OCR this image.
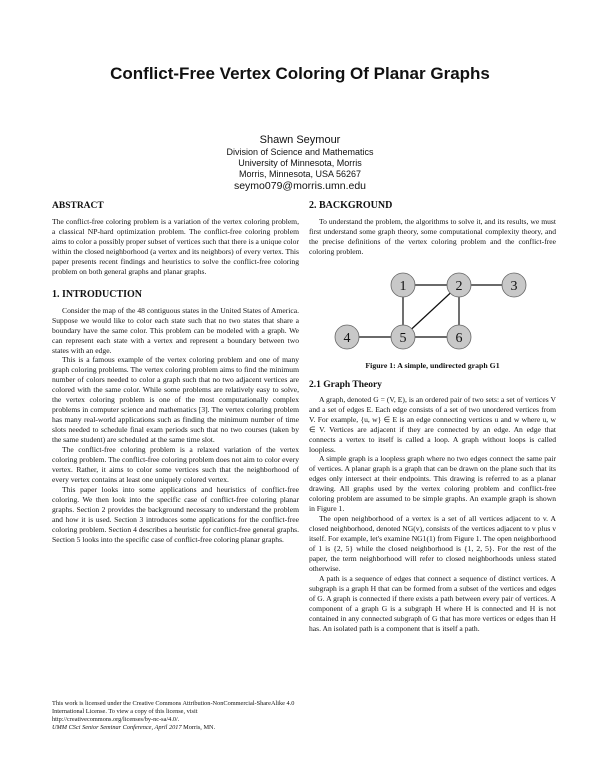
Conflict-Free Vertex Coloring Of Planar Graphs
Shawn Seymour
Division of Science and Mathematics
University of Minnesota, Morris
Morris, Minnesota, USA 56267
seymo079@morris.umn.edu
ABSTRACT

The conflict-free coloring problem is a variation of the vertex coloring problem, a classical NP-hard optimization problem. The conflict-free coloring problem aims to color a possibly proper subset of vertices such that there is a unique color within the closed neighborhood (a vertex and its neighbors) of every vertex. This paper presents recent findings and heuristics to solve the conflict-free coloring problem on both general graphs and planar graphs.

1. INTRODUCTION

Consider the map of the 48 contiguous states in the United States of America. Suppose we would like to color each state such that no two states that share a boundary have the same color. This problem can be modeled with a graph. We can represent each state with a vertex and represent a boundary between two states with an edge.

This is a famous example of the vertex coloring problem and one of many graph coloring problems. The vertex coloring problem aims to find the minimum number of colors needed to color a graph such that no two adjacent vertices are colored with the same color. While some problems are relatively easy to solve, the vertex coloring problem is one of the most computationally complex problems in computer science and mathematics [3]. The vertex coloring problem has many real-world applications such as finding the minimum number of time slots needed to schedule final exam periods such that no two courses (taken by the same student) are scheduled at the same time slot.

The conflict-free coloring problem is a relaxed variation of the vertex coloring problem. The conflict-free coloring problem does not aim to color every vertex. Rather, it aims to color some vertices such that the neighborhood of every vertex contains at least one uniquely colored vertex.

This paper looks into some applications and heuristics of conflict-free coloring. We then look into the specific case of conflict-free coloring planar graphs. Section 2 provides the background necessary to understand the problem and how it is used. Section 3 introduces some applications for the conflict-free coloring problem. Section 4 describes a heuristic for conflict-free general graphs. Section 5 looks into the specific case of conflict-free coloring planar graphs.

This work is licensed under the Creative Commons Attribution-NonCommercial-ShareAlike 4.0 International License. To view a copy of this license, visit http://creativecommons.org/licenses/by-nc-sa/4.0/.
UMM CSci Senior Seminar Conference, April 2017 Morris, MN.
2. BACKGROUND

To understand the problem, the algorithms to solve it, and its results, we must first understand some graph theory, some computational complexity theory, and the precise definitions of the vertex coloring problem and the conflict-free coloring problem.

1	2	3
4	5	6
Figure 1: A simple, undirected graph G1
2.1 Graph Theory

A graph, denoted G = (V, E), is an ordered pair of two sets: a set of vertices V and a set of edges E. Each edge consists of a set of two unordered vertices from V. For example, {u, w} ∈ E is an edge connecting vertices u and w where u, w ∈ V. Vertices are adjacent if they are connected by an edge. An edge that connects a vertex to itself is called a loop. A graph without loops is called loopless.

A simple graph is a loopless graph where no two edges connect the same pair of vertices. A planar graph is a graph that can be drawn on the plane such that its edges only intersect at their endpoints. This drawing is referred to as a planar drawing. All graphs used by the vertex coloring problem and conflict-free coloring problem are assumed to be simple graphs. An example graph is shown in Figure 1.

The open neighborhood of a vertex is a set of all vertices adjacent to v. A closed neighborhood, denoted NG(v), consists of the vertices adjacent to v plus v itself. For example, let's examine NG1(1) from Figure 1. The open neighborhood of 1 is {2, 5} while the closed neighborhood is {1, 2, 5}. For the rest of the paper, the term neighborhood will refer to closed neighborhoods unless stated otherwise.

A path is a sequence of edges that connect a sequence of distinct vertices. A subgraph is a graph H that can be formed from a subset of the vertices and edges of G. A graph is connected if there exists a path between every pair of vertices. A component of a graph G is a subgraph H where H is connected and H is not contained in any connected subgraph of G that has more vertices or edges than H has. An isolated path is a component that is itself a path.
